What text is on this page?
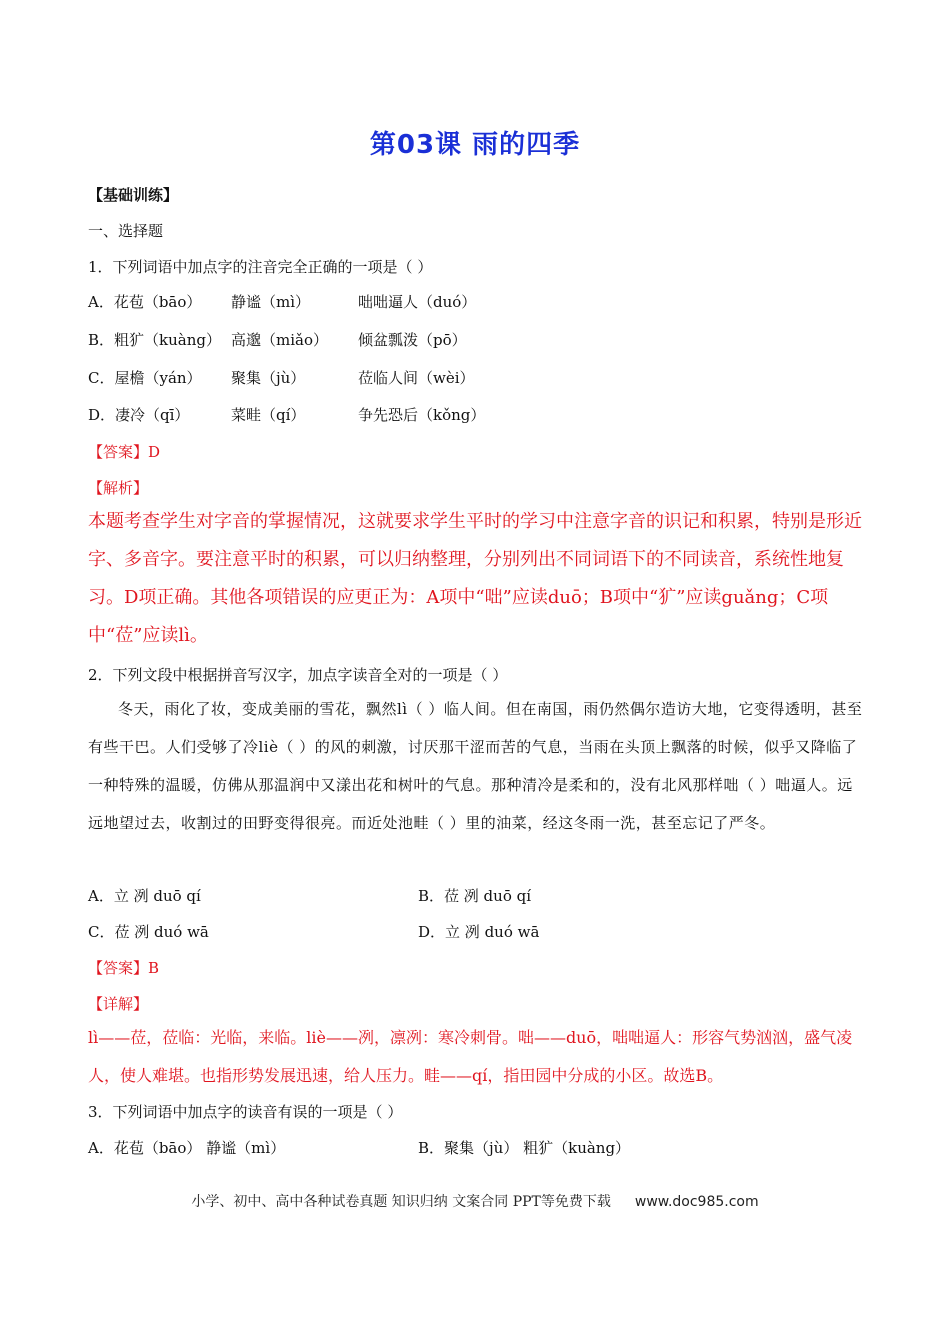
第03课 雨的四季
【基础训练】
一、选择题
1．下列词语中加点字的注音完全正确的一项是（ ）
A．花苞（bāo） 静谧（mì）	咄咄逼人（duó）
B．粗犷（kuàng） 高邈（miǎo） 倾盆瓢泼（pō）
C．屋檐（yán） 聚集（jù）	莅临人间（wèi）
D．凄冷（qī）	菜畦（qí）	争先恐后（kǒng）
【答案】D
【解析】
本题考查学生对字音的掌握情况，这就要求学生平时的学习中注意字音的识记和积累，特别是形近字、多音字。要注意平时的积累，可以归纳整理，分别列出不同词语下的不同读音，系统性地复习。D项正确。其他各项错误的应更正为：A项中“咄”应读duō；B项中“犷”应读guǎng；C项中“莅”应读lì。
2．下列文段中根据拼音写汉字，加点字读音全对的一项是（ ）
冬天，雨化了妆，变成美丽的雪花，飘然lì（ ）临人间。但在南国，雨仍然偶尔造访大地，它变得透明，甚至有些干巴。人们受够了冷liè（ ）的风的刺激，讨厌那干涩而苦的气息，当雨在头顶上飘落的时候，似乎又降临了一种特殊的温暖，仿佛从那温润中又漾出花和树叶的气息。那种清冷是柔和的，没有北风那样咄（ ）咄逼人。远远地望过去，收割过的田野变得很亮。而近处池畦（ ）里的油菜，经这冬雨一洗，甚至忘记了严冬。
A．立 冽 duō qí	B．莅 冽 duō qí
C．莅 冽 duó wā	D．立 冽 duó wā
【答案】B
【详解】
lì——莅，莅临：光临，来临。liè——冽，凛冽：寒冷刺骨。咄——duō，咄咄逼人：形容气势汹汹，盛气凌人，使人难堪。也指形势发展迅速，给人压力。畦——qí，指田园中分成的小区。故选B。
3．下列词语中加点字的读音有误的一项是（ ）
A．花苞（bāo） 静谧（mì）	B．聚集（jù） 粗犷（kuàng）
小学、初中、高中各种试卷真题 知识归纳 文案合同 PPT等免费下载 www.doc985.com
